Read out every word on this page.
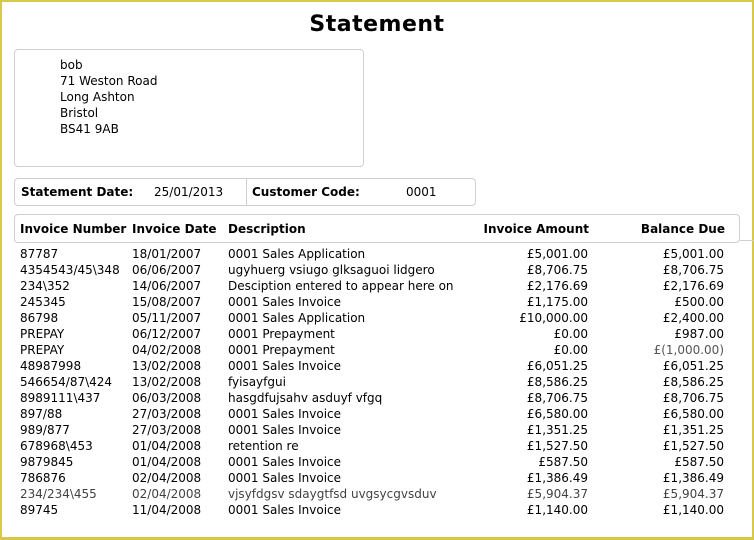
Statement
bob
71 Weston Road
Long Ashton
Bristol
BS41 9AB
Statement Date: 25/01/2013 Customer Code:	0001
Invoice Number Invoice Date Description	Invoice Amount	Balance Due
87787	18/01/2007 0001 Sales Application	£5,001.00	£5,001.00
4354543/45\348	06/06/2007 ugyhuerg vsiugo glksaguoi lidgero	£8,706.75	£8,706.75
234\352	14/06/2007 Desciption entered to appear here on	£2,176.69	£2,176.69
245345	15/08/2007 0001 Sales Invoice	£1,175.00	£500.00
86798	05/11/2007 0001 Sales Application	£10,000.00	£2,400.00
PREPAY	06/12/2007 0001 Prepayment	£0.00	£987.00
PREPAY	04/02/2008 0001 Prepayment	£0.00	£(1,000.00)
48987998	13/02/2008 0001 Sales Invoice	£6,051.25	£6,051.25
546654/87\424	13/02/2008 fyisayfgui	£8,586.25	£8,586.25
8989111\437	06/03/2008 hasgdfujsahv asduyf vfgq	£8,706.75	£8,706.75
897/88	27/03/2008 0001 Sales Invoice	£6,580.00	£6,580.00
989/877	27/03/2008 0001 Sales Invoice	£1,351.25	£1,351.25
678968\453	01/04/2008 retention re	£1,527.50	£1,527.50
9879845	01/04/2008 0001 Sales Invoice	£587.50	£587.50
786876	02/04/2008 0001 Sales Invoice	£1,386.49	£1,386.49
234/234\455	02/04/2008 vjsyfdgsv sdaygtfsd uvgsycgvsduv	£5,904.37	£5,904.37
89745	11/04/2008 0001 Sales Invoice	£1,140.00	£1,140.00
